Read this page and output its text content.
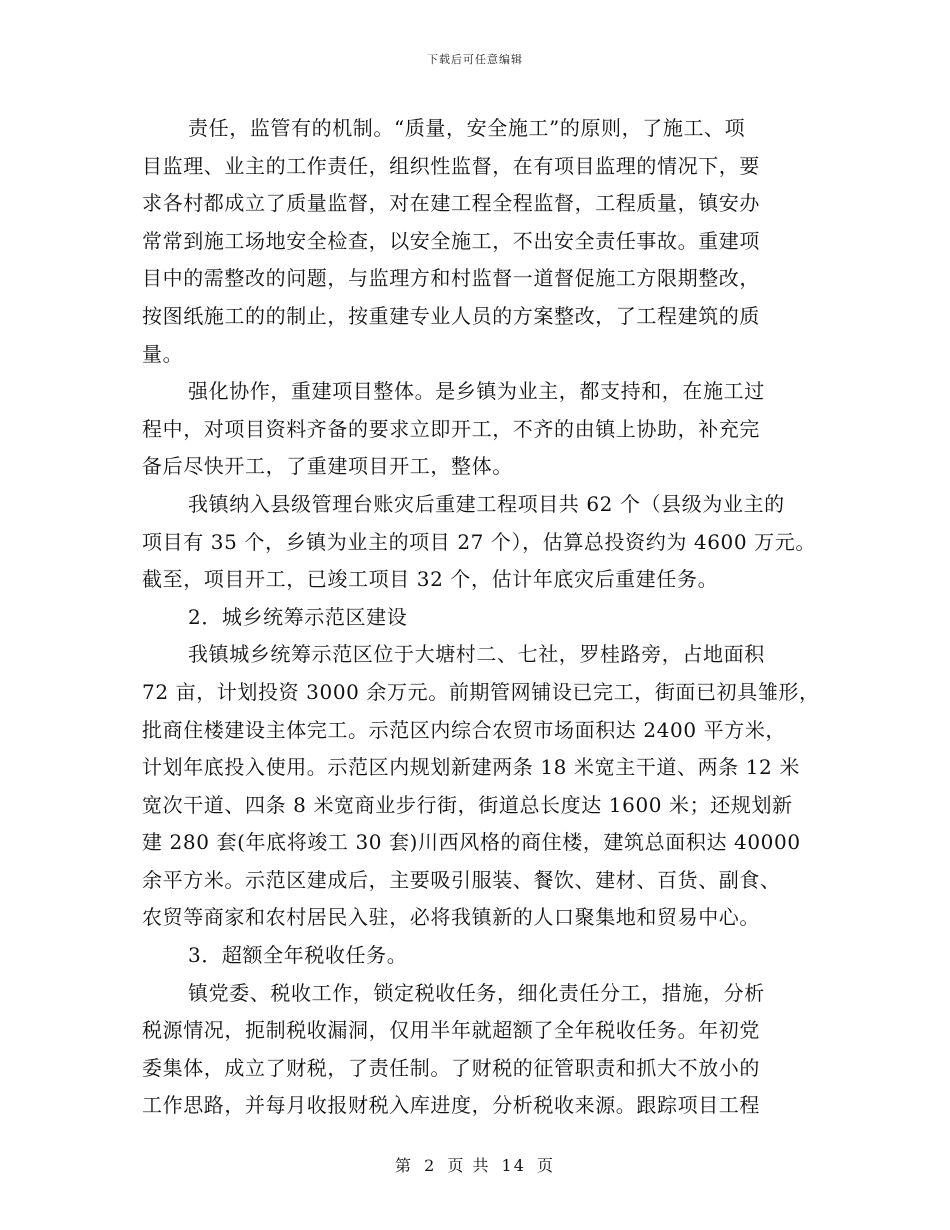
下载后可任意编辑
责任，监管有的机制。“质量，安全施工”的原则，了施工、项
目监理、业主的工作责任，组织性监督，在有项目监理的情况下，要
求各村都成立了质量监督，对在建工程全程监督，工程质量，镇安办
常常到施工场地安全检查，以安全施工，不出安全责任事故。重建项
目中的需整改的问题，与监理方和村监督一道督促施工方限期整改，
按图纸施工的的制止，按重建专业人员的方案整改，了工程建筑的质
量。
强化协作，重建项目整体。是乡镇为业主，都支持和，在施工过
程中，对项目资料齐备的要求立即开工，不齐的由镇上协助，补充完
备后尽快开工，了重建项目开工，整体。
我镇纳入县级管理台账灾后重建工程项目共 62 个（县级为业主的
项目有 35 个，乡镇为业主的项目 27 个），估算总投资约为 4600 万元。
截至，项目开工，已竣工项目 32 个，估计年底灾后重建任务。
2．城乡统筹示范区建设
我镇城乡统筹示范区位于大塘村二、七社，罗桂路旁，占地面积
72 亩，计划投资 3000 余万元。前期管网铺设已完工，街面已初具雏形，
批商住楼建设主体完工。示范区内综合农贸市场面积达 2400 平方米，
计划年底投入使用。示范区内规划新建两条 18 米宽主干道、两条 12 米
宽次干道、四条 8 米宽商业步行街，街道总长度达 1600 米；还规划新
建 280 套(年底将竣工 30 套)川西风格的商住楼，建筑总面积达 40000
余平方米。示范区建成后，主要吸引服装、餐饮、建材、百货、副食、
农贸等商家和农村居民入驻，必将我镇新的人口聚集地和贸易中心。
3．超额全年税收任务。
镇党委、税收工作，锁定税收任务，细化责任分工，措施，分析
税源情况，扼制税收漏洞，仅用半年就超额了全年税收任务。年初党
委集体，成立了财税，了责任制。了财税的征管职责和抓大不放小的
工作思路，并每月收报财税入库进度，分析税收来源。跟踪项目工程
第 2 页 共 14 页
